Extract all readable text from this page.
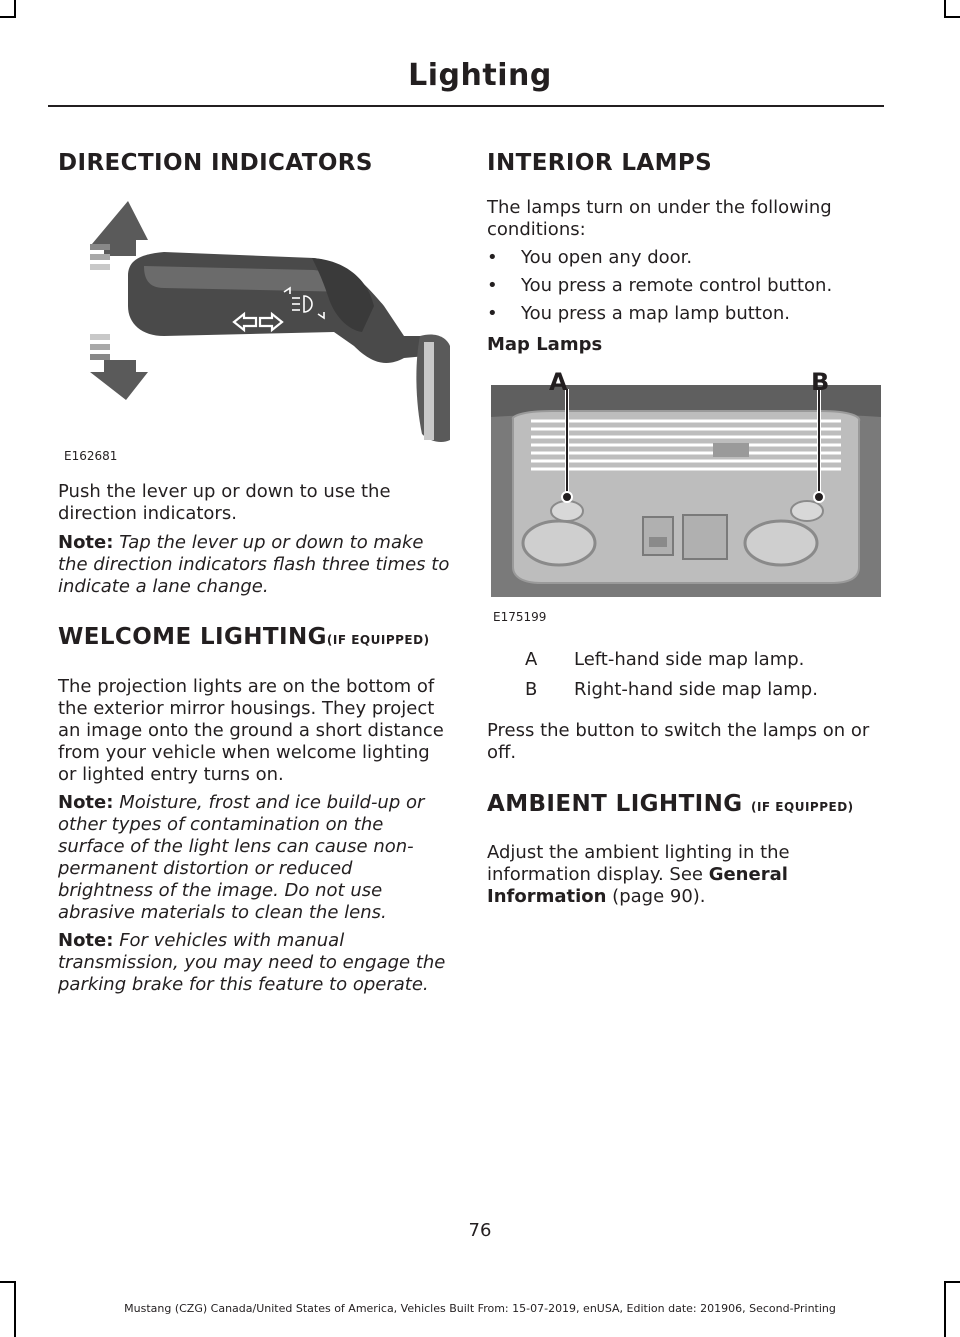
Lighting
DIRECTION INDICATORS
E162681

Push the lever up or down to use the direction indicators.

Note: Tap the lever up or down to make the direction indicators flash three times to indicate a lane change.

WELCOME LIGHTING(IF EQUIPPED)

The projection lights are on the bottom of the exterior mirror housings. They project an image onto the ground a short distance from your vehicle when welcome lighting or lighted entry turns on.

Note: Moisture, frost and ice build-up or other types of contamination on the surface of the light lens can cause non-permanent distortion or reduced brightness of the image. Do not use abrasive materials to clean the lens.

Note: For vehicles with manual transmission, you may need to engage the parking brake for this feature to operate.

INTERIOR LAMPS

The lamps turn on under the following conditions:

• You open any door.
• You press a remote control button.
• You press a map lamp button.

Map Lamps

A	B
E175199
A Left-hand side map lamp.
B Right-hand side map lamp.

Press the button to switch the lamps on or off.

AMBIENT LIGHTING (IF EQUIPPED)

Adjust the ambient lighting in the information display. See General Information (page 90).

76
Mustang (CZG) Canada/United States of America, Vehicles Built From: 15-07-2019, enUSA, Edition date: 201906, Second-Printing
